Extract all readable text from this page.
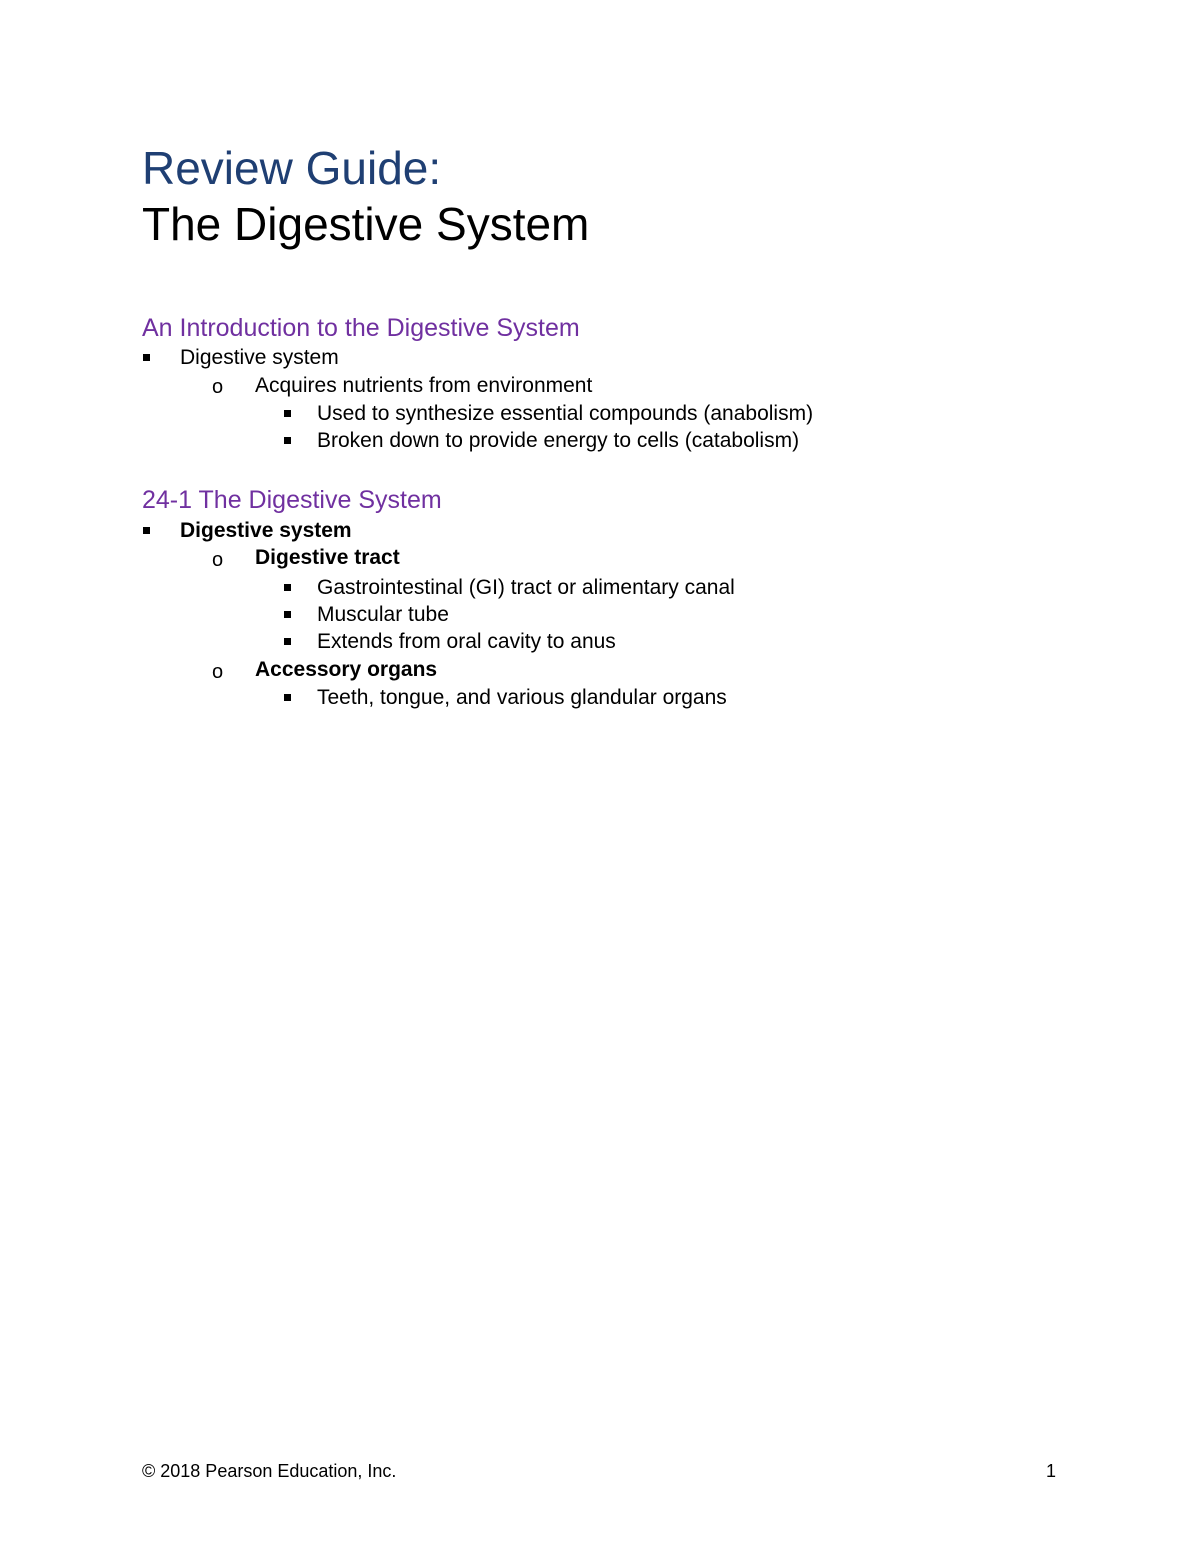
Review Guide:
The Digestive System
An Introduction to the Digestive System
Digestive system
o Acquires nutrients from environment
Used to synthesize essential compounds (anabolism)
Broken down to provide energy to cells (catabolism)
24-1 The Digestive System
Digestive system
o Digestive tract
Gastrointestinal (GI) tract or alimentary canal
Muscular tube
Extends from oral cavity to anus
o Accessory organs
Teeth, tongue, and various glandular organs
© 2018 Pearson Education, Inc.	1
